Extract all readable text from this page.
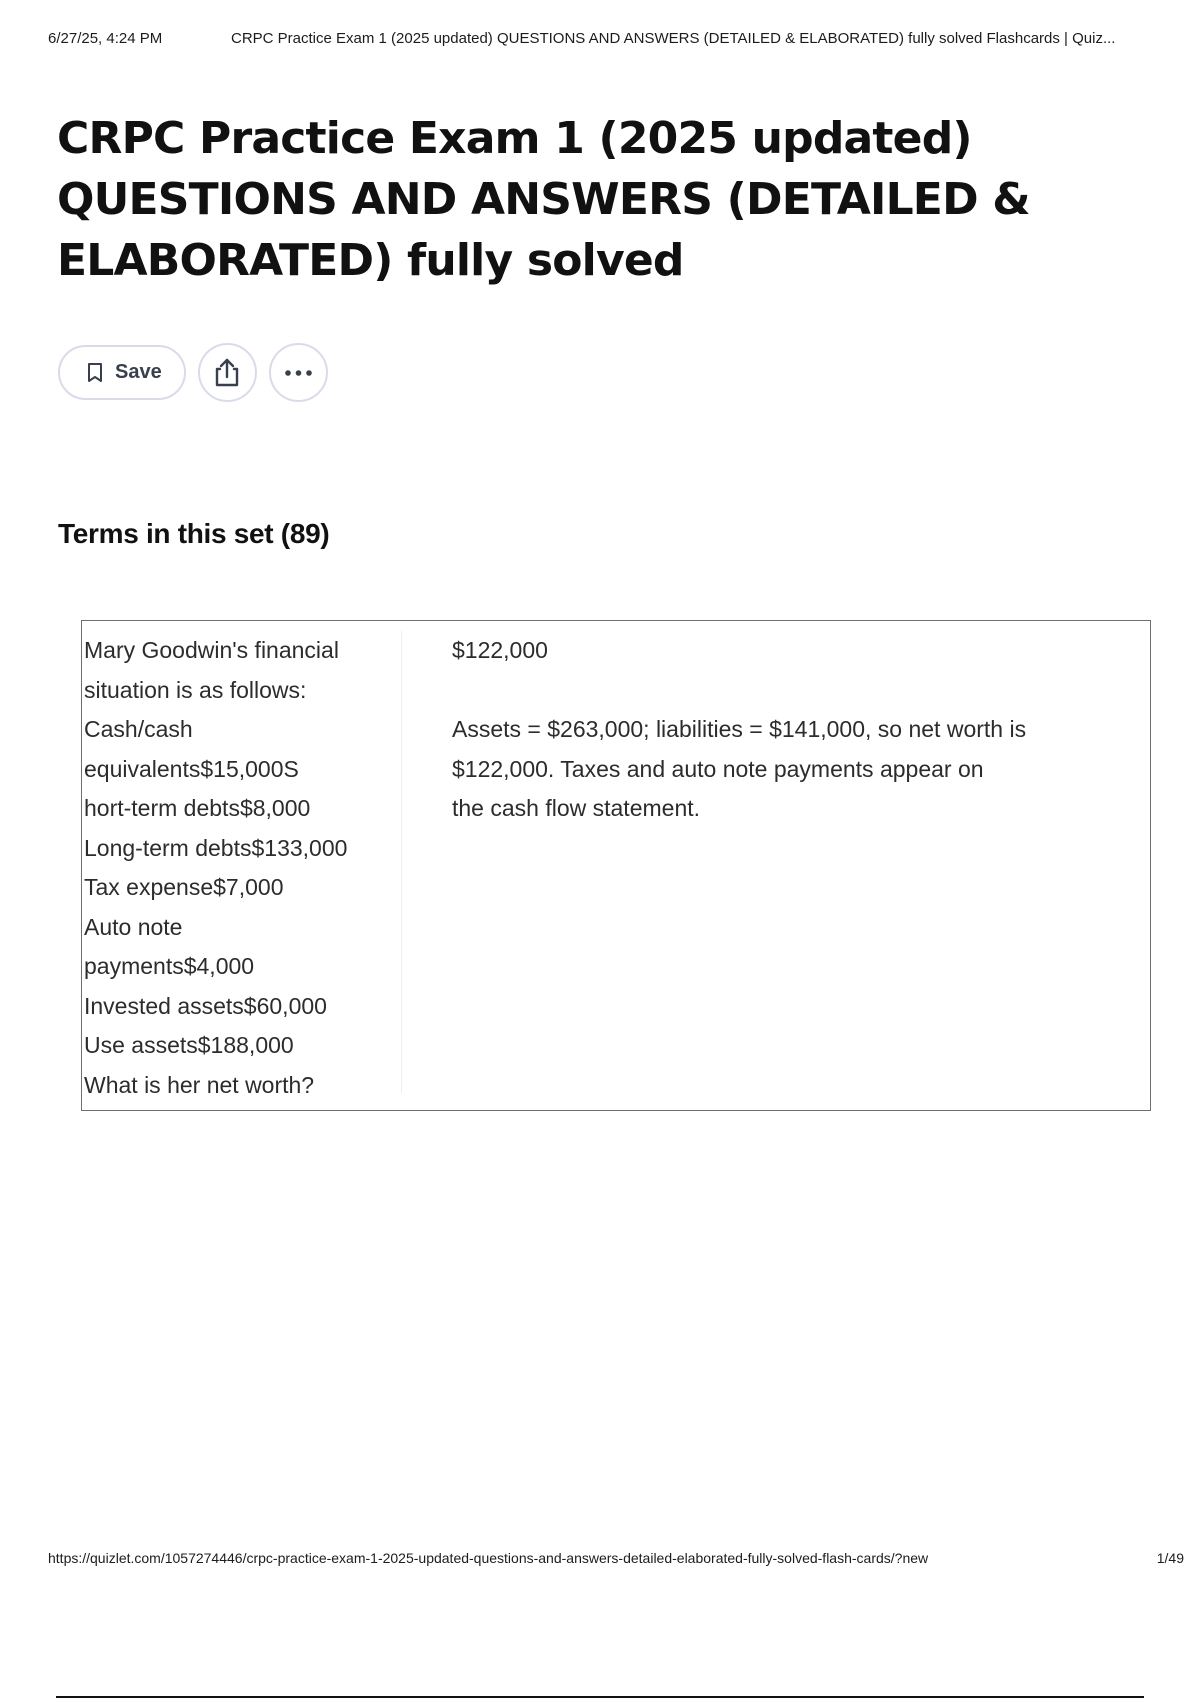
6/27/25, 4:24 PM	CRPC Practice Exam 1 (2025 updated) QUESTIONS AND ANSWERS (DETAILED & ELABORATED) fully solved Flashcards | Quiz...
CRPC Practice Exam 1 (2025 updated)
QUESTIONS AND ANSWERS (DETAILED &
ELABORATED) fully solved
Save
Terms in this set (89)
Mary Goodwin's financial
situation is as follows:
Cash/cash
equivalents$15,000S
hort-term debts$8,000
Long-term debts$133,000
Tax expense$7,000
Auto note
payments$4,000
Invested assets$60,000
Use assets$188,000
What is her net worth?
$122,000
Assets = $263,000; liabilities = $141,000, so net worth is
$122,000. Taxes and auto note payments appear on
the cash flow statement.
https://quizlet.com/1057274446/crpc-practice-exam-1-2025-updated-questions-and-answers-detailed-elaborated-fully-solved-flash-cards/?new	1/49
